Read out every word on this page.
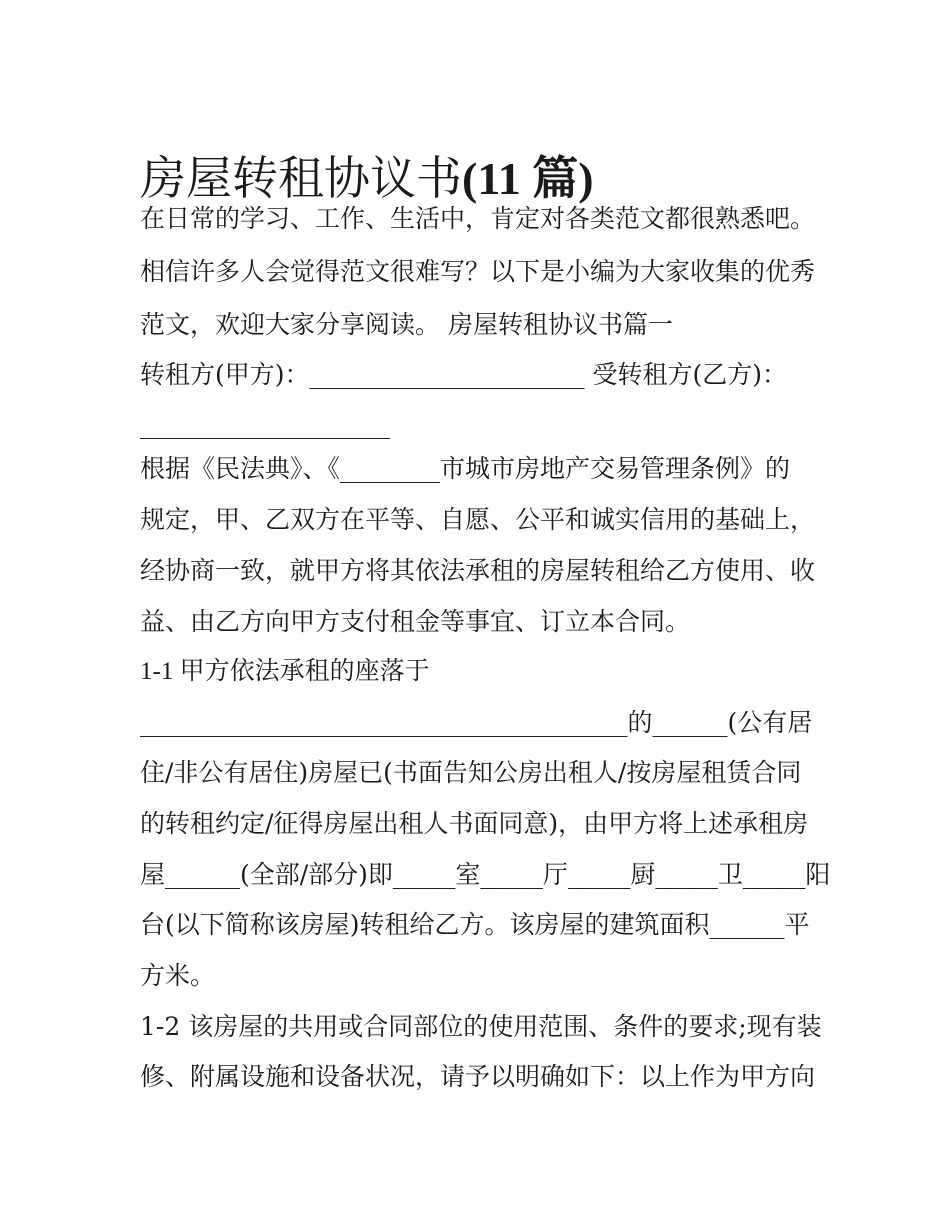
房屋转租协议书(11 篇)
在日常的学习、工作、生活中，肯定对各类范文都很熟悉吧。
相信许多人会觉得范文很难写？以下是小编为大家收集的优秀
范文，欢迎大家分享阅读。 房屋转租协议书篇一
转租方(甲方)：______________________ 受转租方(乙方)：
____________________
根据《民法典》、《________市城市房地产交易管理条例》的
规定，甲、乙双方在平等、自愿、公平和诚实信用的基础上，
经协商一致，就甲方将其依法承租的房屋转租给乙方使用、收
益、由乙方向甲方支付租金等事宜、订立本合同。
1-1 甲方依法承租的座落于
_______________________________________的______(公有居
住/非公有居住)房屋已(书面告知公房出租人/按房屋租赁合同
的转租约定/征得房屋出租人书面同意)，由甲方将上述承租房
屋______(全部/部分)即_____室_____厅_____厨_____卫_____阳
台(以下简称该房屋)转租给乙方。该房屋的建筑面积______平
方米。
1-2 该房屋的共用或合同部位的使用范围、条件的要求;现有装
修、附属设施和设备状况，请予以明确如下：以上作为甲方向
